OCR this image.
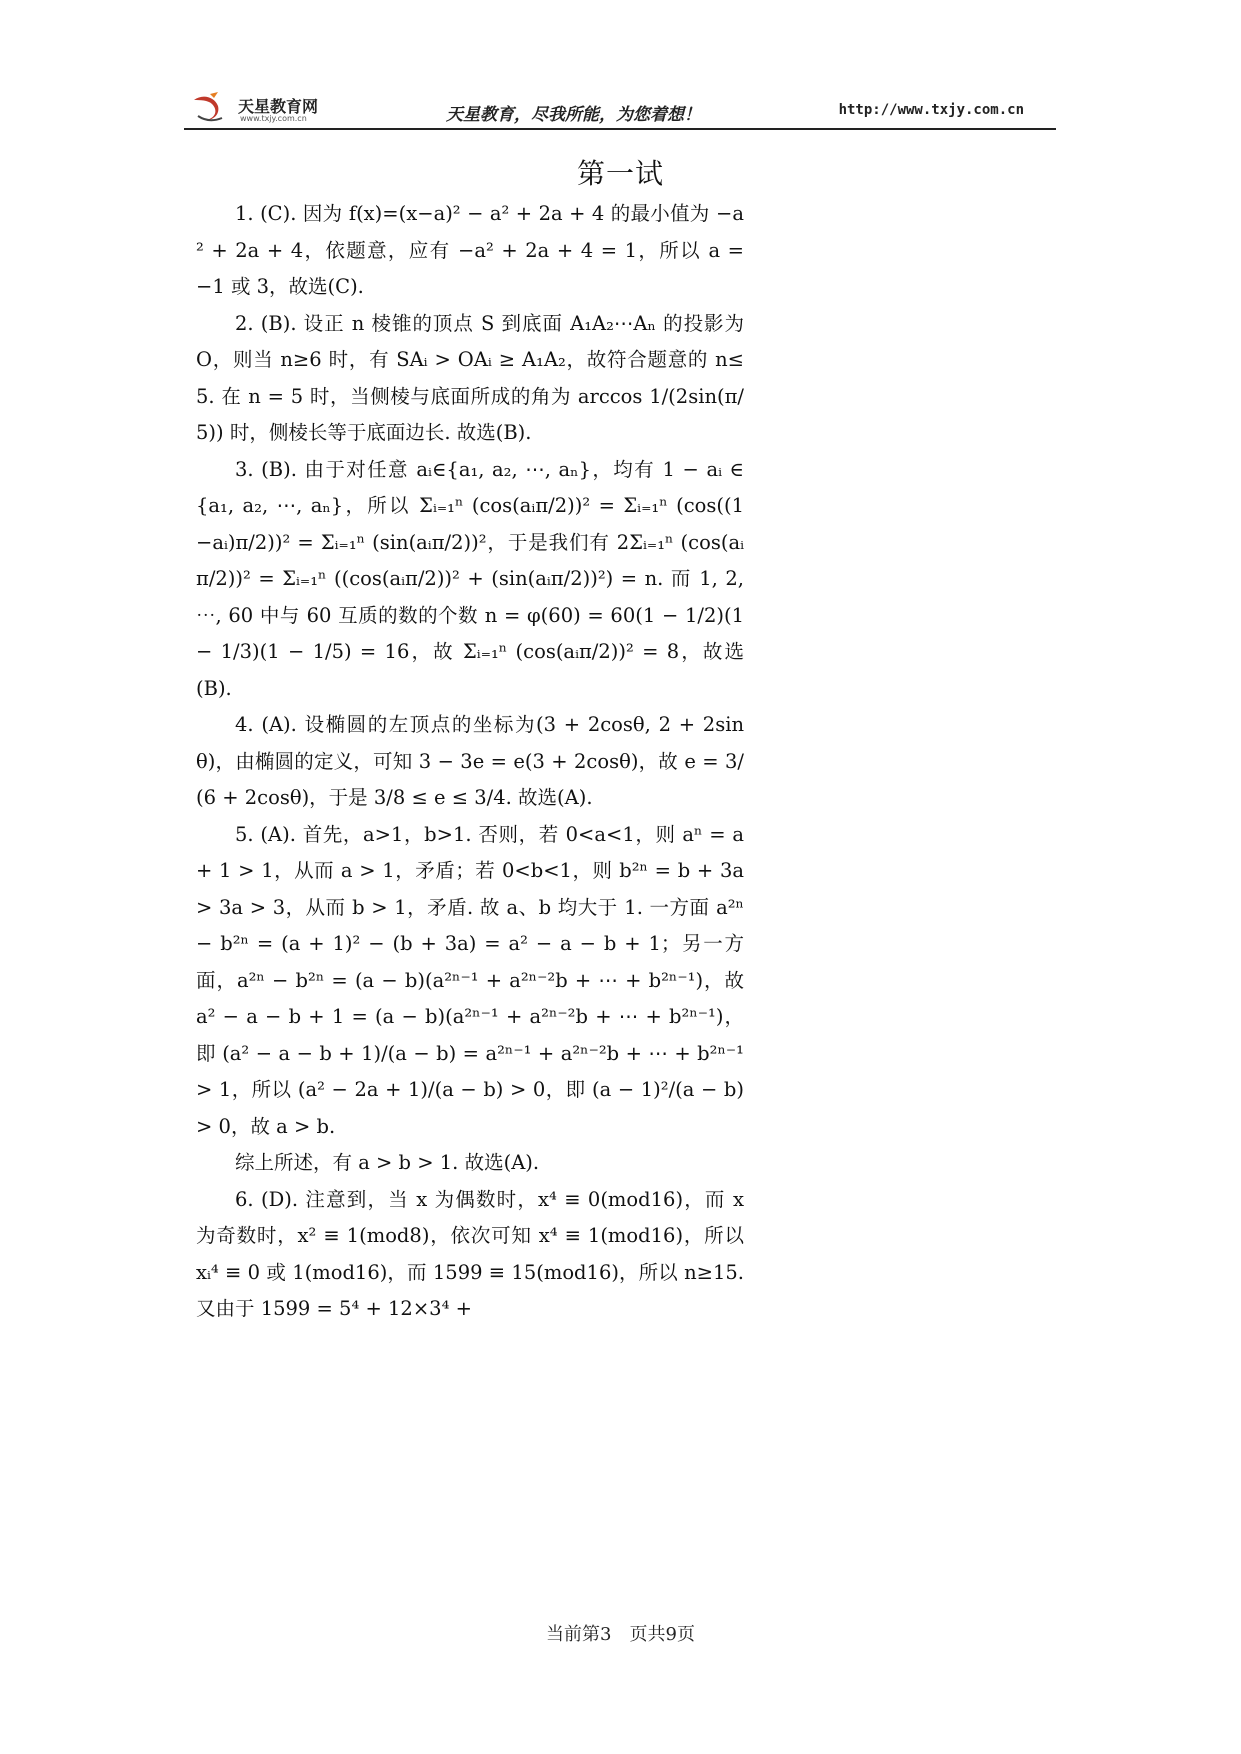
天星教育网
www.txjy.com.cn	天星教育，尽我所能，为您着想！	http://www.txjy.com.cn
第一试

1. (C). 因为 f(x)=(x−a)² − a² + 2a + 4 的最小值为 −a² + 2a + 4，依题意，应有 −a² + 2a + 4 = 1，所以 a = −1 或 3，故选(C).

2. (B). 设正 n 棱锥的顶点 S 到底面 A₁A₂⋯Aₙ 的投影为 O，则当 n≥6 时，有 SAᵢ > OAᵢ ≥ A₁A₂，故符合题意的 n≤5. 在 n = 5 时，当侧棱与底面所成的角为 arccos 1/(2sin(π/5)) 时，侧棱长等于底面边长. 故选(B).

3. (B). 由于对任意 aᵢ∈{a₁, a₂, ⋯, aₙ}，均有 1 − aᵢ ∈ {a₁, a₂, ⋯, aₙ}，所以 Σᵢ₌₁ⁿ (cos(aᵢπ/2))² = Σᵢ₌₁ⁿ (cos((1−aᵢ)π/2))² = Σᵢ₌₁ⁿ (sin(aᵢπ/2))²，于是我们有 2Σᵢ₌₁ⁿ (cos(aᵢπ/2))² = Σᵢ₌₁ⁿ ((cos(aᵢπ/2))² + (sin(aᵢπ/2))²) = n. 而 1, 2, ⋯, 60 中与 60 互质的数的个数 n = φ(60) = 60(1 − 1/2)(1 − 1/3)(1 − 1/5) = 16，故 Σᵢ₌₁ⁿ (cos(aᵢπ/2))² = 8，故选(B).

4. (A). 设椭圆的左顶点的坐标为(3 + 2cosθ, 2 + 2sinθ)，由椭圆的定义，可知 3 − 3e = e(3 + 2cosθ)，故 e = 3/(6 + 2cosθ)，于是 3/8 ≤ e ≤ 3/4. 故选(A).

5. (A). 首先，a>1，b>1. 否则，若 0<a<1，则 aⁿ = a + 1 > 1，从而 a > 1，矛盾；若 0<b<1，则 b²ⁿ = b + 3a > 3a > 3，从而 b > 1，矛盾. 故 a、b 均大于 1. 一方面 a²ⁿ − b²ⁿ = (a + 1)² − (b + 3a) = a² − a − b + 1；另一方面，a²ⁿ − b²ⁿ = (a − b)(a²ⁿ⁻¹ + a²ⁿ⁻²b + ⋯ + b²ⁿ⁻¹)，故 a² − a − b + 1 = (a − b)(a²ⁿ⁻¹ + a²ⁿ⁻²b + ⋯ + b²ⁿ⁻¹)，即 (a² − a − b + 1)/(a − b) = a²ⁿ⁻¹ + a²ⁿ⁻²b + ⋯ + b²ⁿ⁻¹ > 1，所以 (a² − 2a + 1)/(a − b) > 0，即 (a − 1)²/(a − b) > 0，故 a > b.

综上所述，有 a > b > 1. 故选(A).

6. (D). 注意到，当 x 为偶数时，x⁴ ≡ 0(mod16)，而 x 为奇数时，x² ≡ 1(mod8)，依次可知 x⁴ ≡ 1(mod16)，所以 xᵢ⁴ ≡ 0 或 1(mod16)，而 1599 ≡ 15(mod16)，所以 n≥15. 又由于 1599 = 5⁴ + 12×3⁴ +

当前第3　页共9页
